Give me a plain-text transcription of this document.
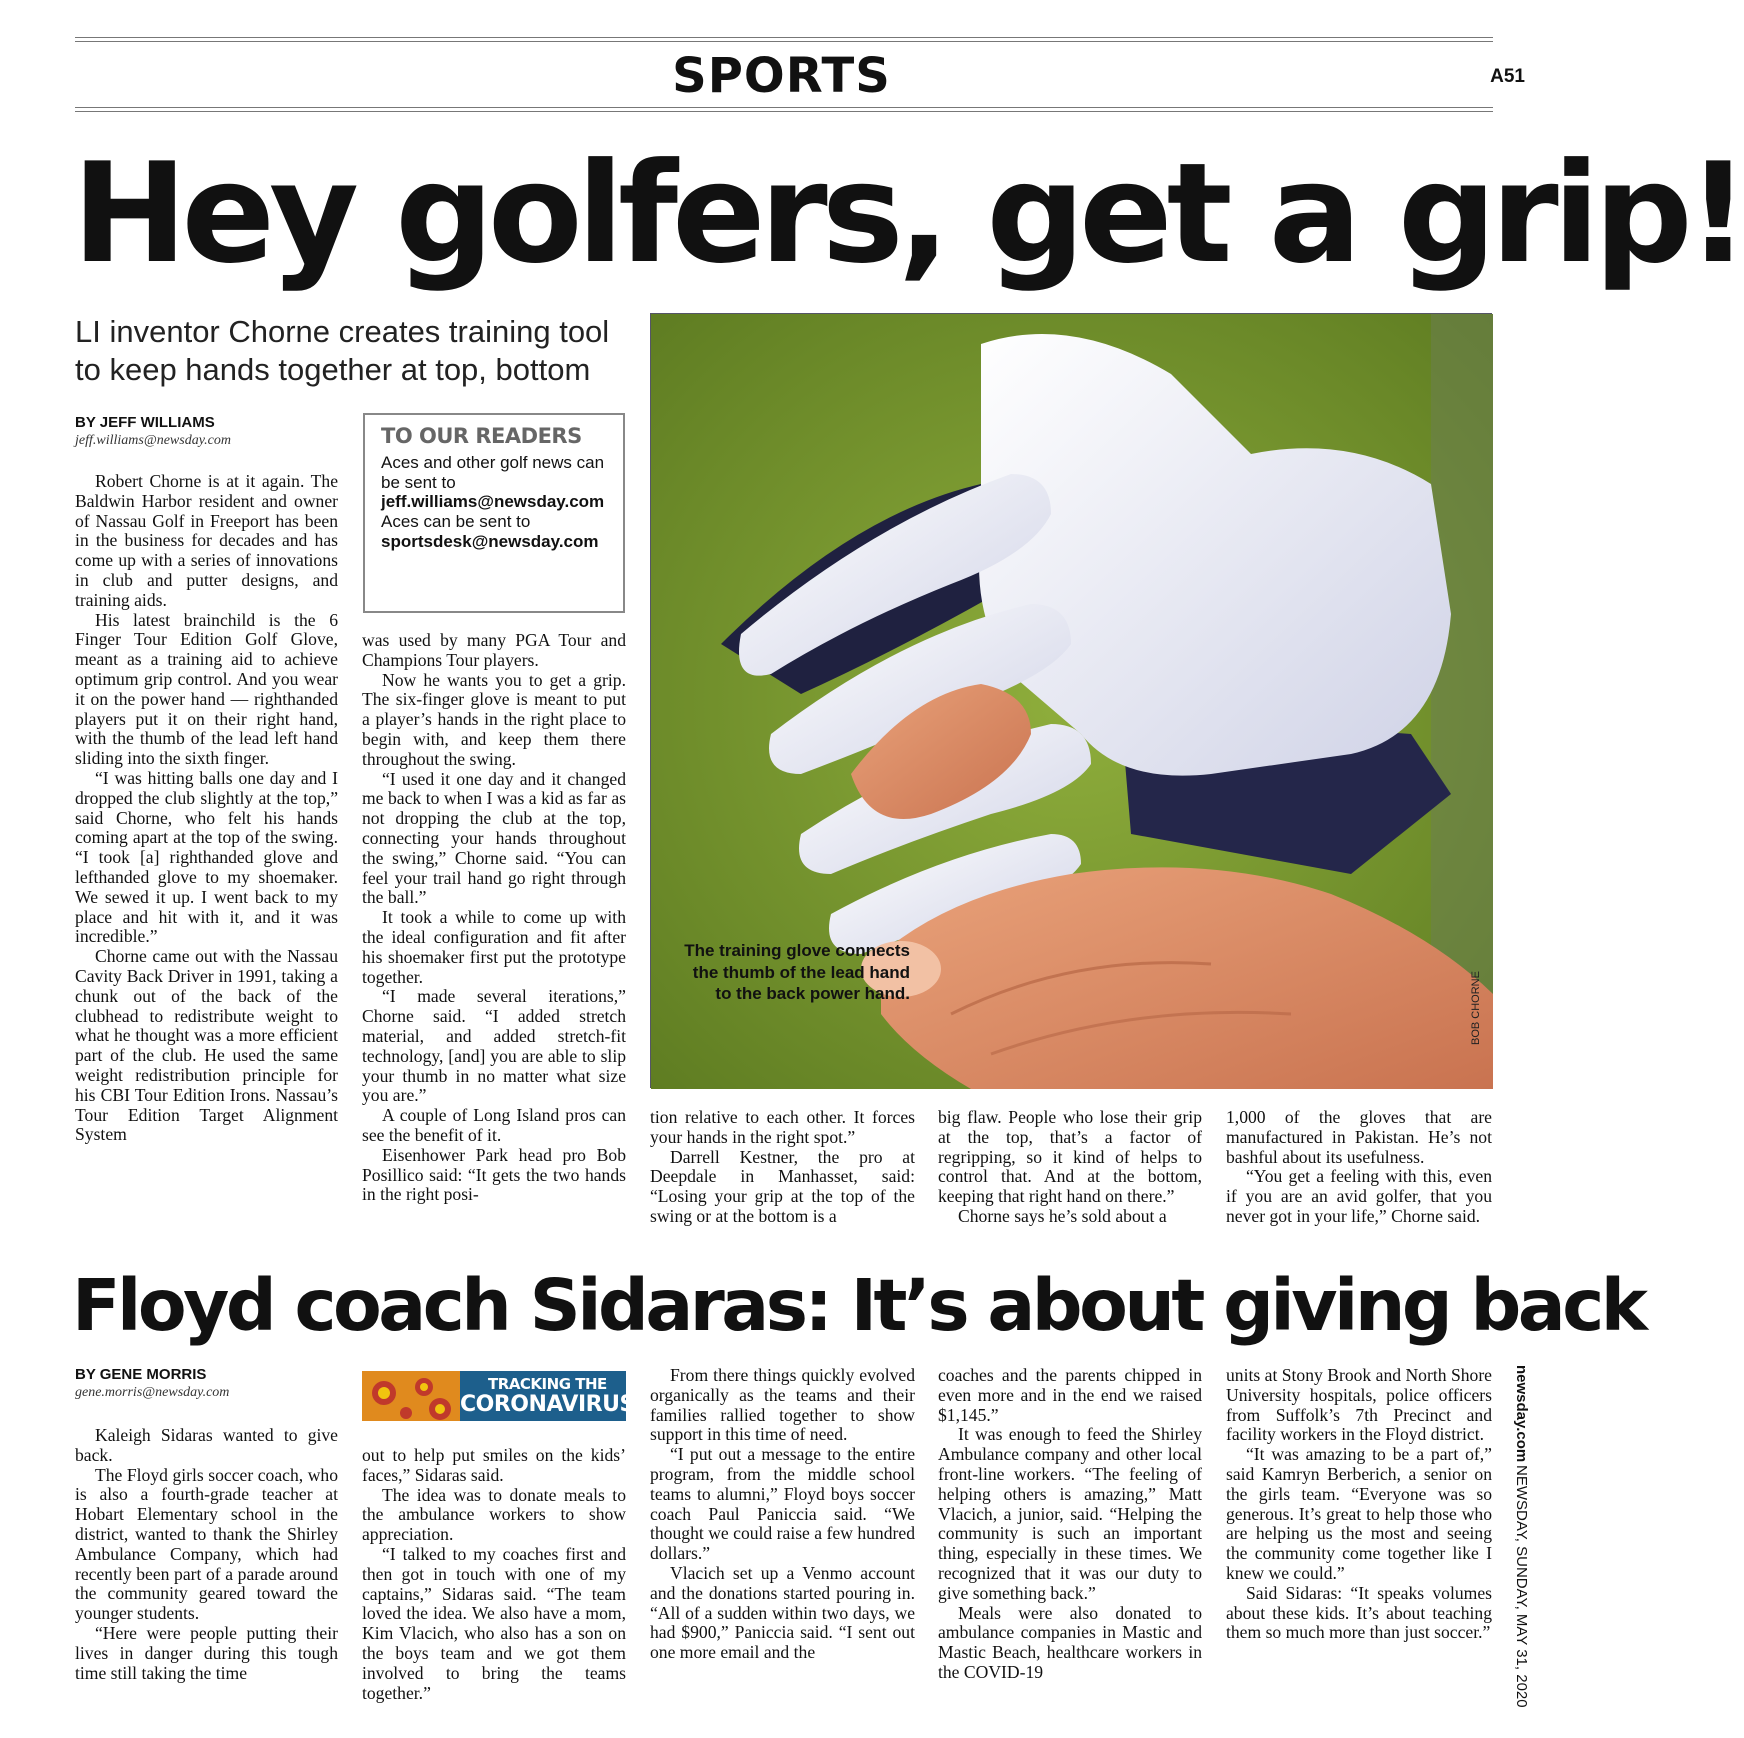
SPORTS	A51
Hey golfers, get a grip!
LI inventor Chorne creates training tool to keep hands together at top, bottom
BY JEFF WILLIAMS
jeff.williams@newsday.com

Robert Chorne is at it again. The Baldwin Harbor resident and owner of Nassau Golf in Freeport has been in the business for decades and has come up with a series of innovations in club and putter designs, and training aids.

His latest brainchild is the 6 Finger Tour Edition Golf Glove, meant as a training aid to achieve optimum grip control. And you wear it on the power hand — righthanded players put it on their right hand, with the thumb of the lead left hand sliding into the sixth finger.

“I was hitting balls one day and I dropped the club slightly at the top,” said Chorne, who felt his hands coming apart at the top of the swing. “I took [a] righthanded glove and lefthanded glove to my shoemaker. We sewed it up. I went back to my place and hit with it, and it was incredible.”

Chorne came out with the Nassau Cavity Back Driver in 1991, taking a chunk out of the back of the clubhead to redistribute weight to what he thought was a more efficient part of the club. He used the same weight redistribution principle for his CBI Tour Edition Irons. Nassau’s Tour Edition Target Alignment System

TO OUR READERS
Aces and other golf news can be sent to
jeff.williams@newsday.com
Aces can be sent to
sportsdesk@newsday.com

was used by many PGA Tour and Champions Tour players.

Now he wants you to get a grip. The six-finger glove is meant to put a player’s hands in the right place to begin with, and keep them there throughout the swing.

“I used it one day and it changed me back to when I was a kid as far as not dropping the club at the top, connecting your hands throughout the swing,” Chorne said. “You can feel your trail hand go right through the ball.”

It took a while to come up with the ideal configuration and fit after his shoemaker first put the prototype together.

“I made several iterations,” Chorne said. “I added stretch material, and added stretch-fit technology, [and] you are able to slip your thumb in no matter what size you are.”

A couple of Long Island pros can see the benefit of it.

Eisenhower Park head pro Bob Posillico said: “It gets the two hands in the right posi-

The training glove connects the thumb of the lead hand to the back power hand.	BOB CHORNE

tion relative to each other. It forces your hands in the right spot.”

Darrell Kestner, the pro at Deepdale in Manhasset, said: “Losing your grip at the top of the swing or at the bottom is a

big flaw. People who lose their grip at the top, that’s a factor of regripping, so it kind of helps to control that. And at the bottom, keeping that right hand on there.”

Chorne says he’s sold about a

1,000 of the gloves that are manufactured in Pakistan. He’s not bashful about its usefulness.

“You get a feeling with this, even if you are an avid golfer, that you never got in your life,” Chorne said.

Floyd coach Sidaras: It’s about giving back
BY GENE MORRIS
gene.morris@newsday.com	TRACKING THE
CORONAVIRUS

Kaleigh Sidaras wanted to give back.

The Floyd girls soccer coach, who is also a fourth-grade teacher at Hobart Elementary school in the district, wanted to thank the Shirley Ambulance Company, which had recently been part of a parade around the community geared toward the younger students.

“Here were people putting their lives in danger during this tough time still taking the time

out to help put smiles on the kids’ faces,” Sidaras said.

The idea was to donate meals to the ambulance workers to show appreciation.

“I talked to my coaches first and then got in touch with one of my captains,” Sidaras said. “The team loved the idea. We also have a mom, Kim Vlacich, who also has a son on the boys team and we got them involved to bring the teams together.”

From there things quickly evolved organically as the teams and their families rallied together to show support in this time of need.

“I put out a message to the entire program, from the middle school teams to alumni,” Floyd boys soccer coach Paul Paniccia said. “We thought we could raise a few hundred dollars.”

Vlacich set up a Venmo account and the donations started pouring in. “All of a sudden within two days, we had $900,” Paniccia said. “I sent out one more email and the

coaches and the parents chipped in even more and in the end we raised $1,145.”

It was enough to feed the Shirley Ambulance company and other local front-line workers. “The feeling of helping others is amazing,” Matt Vlacich, a junior, said. “Helping the community is such an important thing, especially in these times. We recognized that it was our duty to give something back.”

Meals were also donated to ambulance companies in Mastic and Mastic Beach, healthcare workers in the COVID-19

units at Stony Brook and North Shore University hospitals, police officers from Suffolk’s 7th Precinct and facility workers in the Floyd district.

“It was amazing to be a part of,” said Kamryn Berberich, a senior on the girls team. “Everyone was so generous. It’s great to help those who are helping us the most and seeing the community come together like I knew we could.”

Said Sidaras: “It speaks volumes about these kids. It’s about teaching them so much more than just soccer.”

newsday.com
NEWSDAY, SUNDAY, MAY 31, 2020
